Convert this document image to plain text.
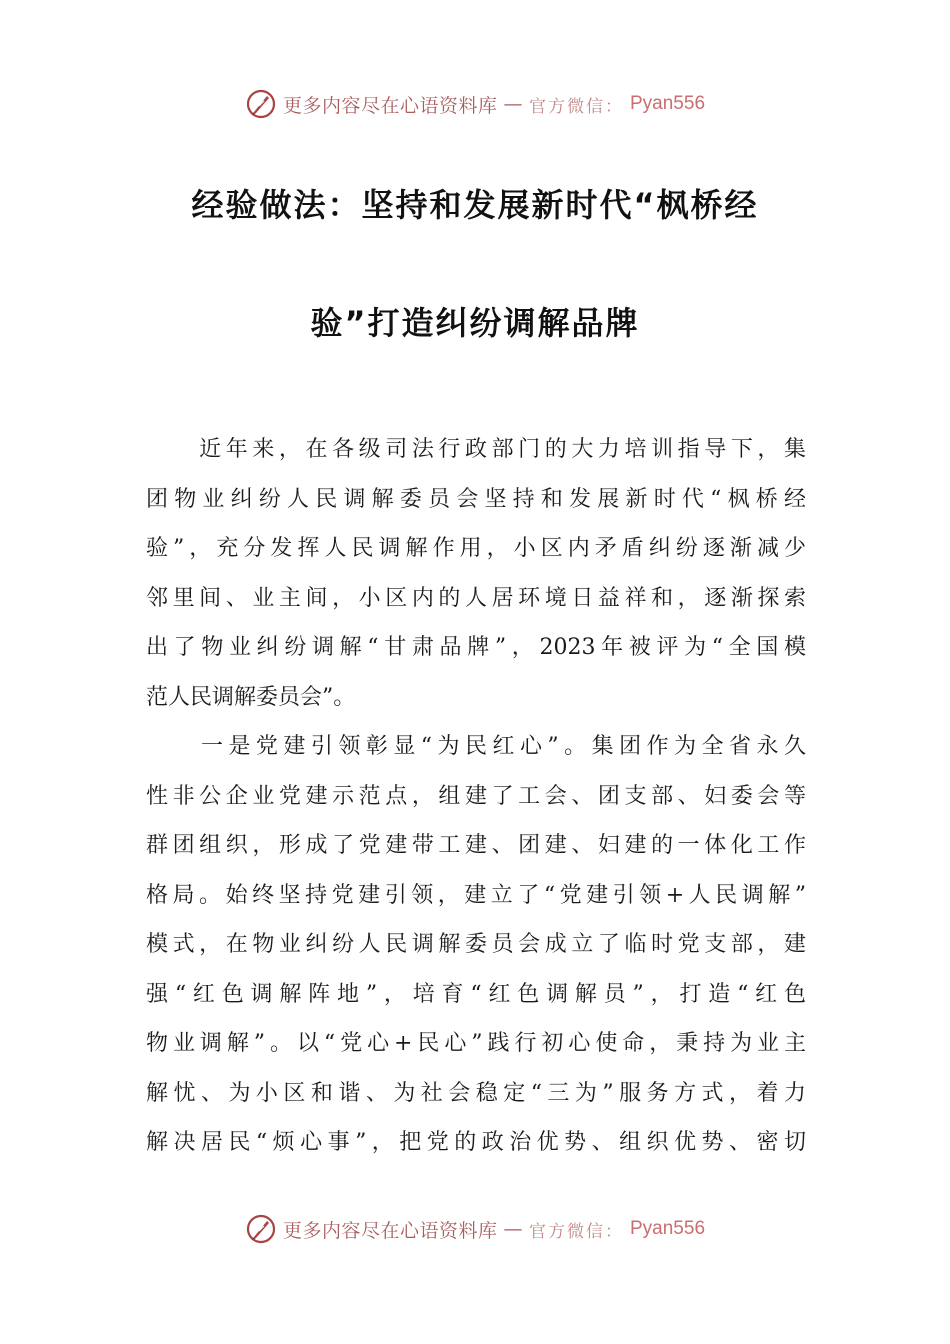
更多内容尽在心语资料库 — 官方微信： Pyan556
经验做法：坚持和发展新时代“枫桥经
验”打造纠纷调解品牌
　　近年来，在各级司法行政部门的大力培训指导下，集
团物业纠纷人民调解委员会坚持和发展新时代“枫桥经
验”，充分发挥人民调解作用，小区内矛盾纠纷逐渐减少
邻里间、业主间，小区内的人居环境日益祥和，逐渐探索
出了物业纠纷调解“甘肃品牌”，2023年被评为“全国模
范人民调解委员会”。
　　一是党建引领彰显“为民红心”。集团作为全省永久
性非公企业党建示范点，组建了工会、团支部、妇委会等
群团组织，形成了党建带工建、团建、妇建的一体化工作
格局。始终坚持党建引领，建立了“党建引领+人民调解”
模式，在物业纠纷人民调解委员会成立了临时党支部，建
强“红色调解阵地”，培育“红色调解员”，打造“红色
物业调解”。以“党心+民心”践行初心使命，秉持为业主
解忧、为小区和谐、为社会稳定“三为”服务方式，着力
解决居民“烦心事”，把党的政治优势、组织优势、密切
更多内容尽在心语资料库 — 官方微信： Pyan556
